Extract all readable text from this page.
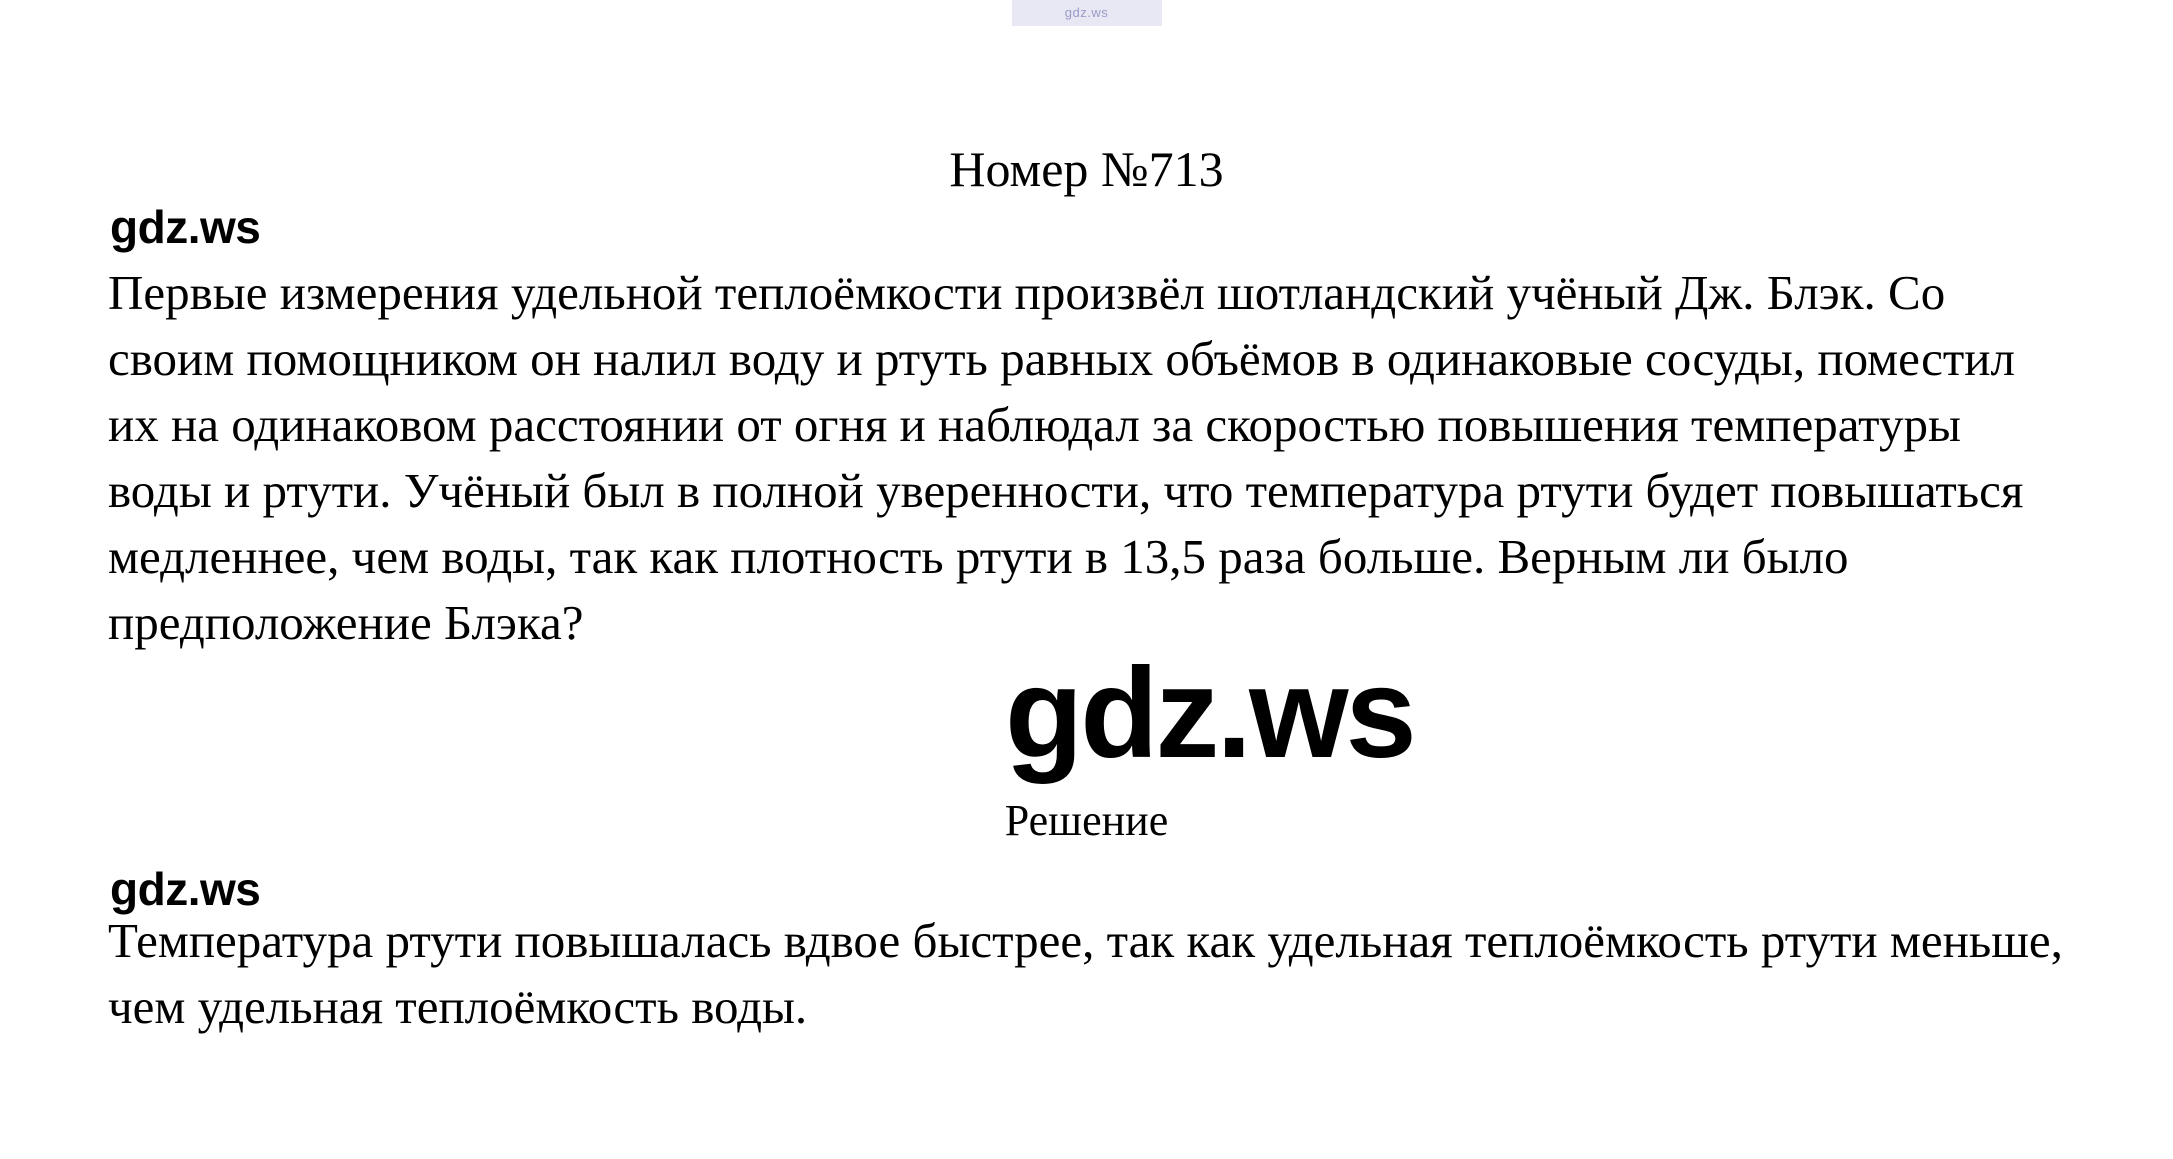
gdz.ws
Номер №713
Первые измерения удельной теплоёмкости произвёл шотландский учёный Дж. Блэк. Со своим помощником он налил воду и ртуть равных объёмов в одинаковые сосуды, поместил их на одинаковом расстоянии от огня и наблюдал за скоростью повышения температуры воды и ртути. Учёный был в полной уверенности, что температура ртути будет повышаться медленнее, чем воды, так как плотность ртути в 13,5 раза больше. Верным ли было предположение Блэка?
Решение
Температура ртути повышалась вдвое быстрее, так как удельная теплоёмкость ртути меньше, чем удельная теплоёмкость воды.
gdz.ws
gdz.ws
gdz.ws
